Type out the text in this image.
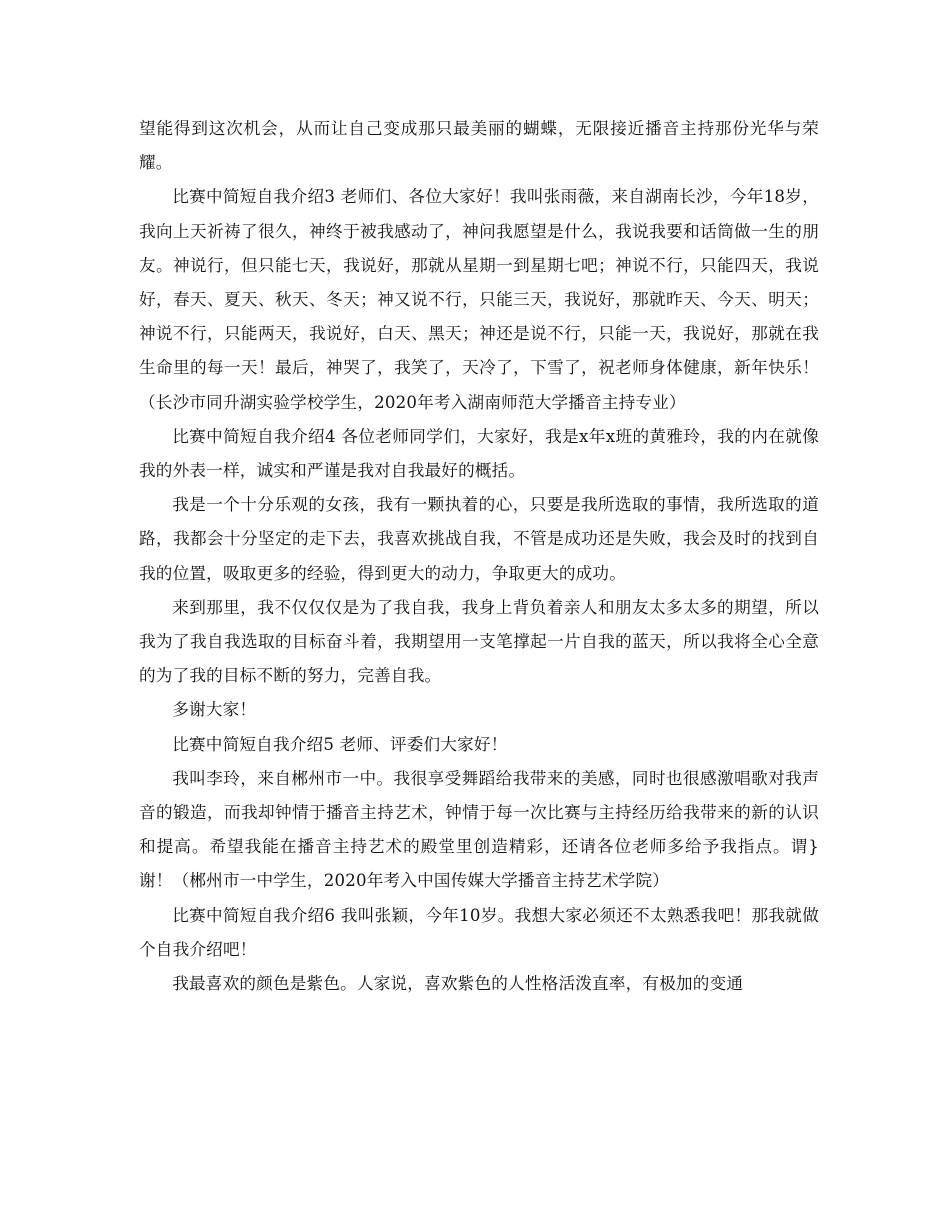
望能得到这次机会，从而让自己变成那只最美丽的蝴蝶，无限接近播音主持那份光华与荣耀。

比赛中简短自我介绍3 老师们、各位大家好！我叫张雨薇，来自湖南长沙，今年18岁，我向上天祈祷了很久，神终于被我感动了，神问我愿望是什么，我说我要和话筒做一生的朋友。神说行，但只能七天，我说好，那就从星期一到星期七吧；神说不行，只能四天，我说好，春天、夏天、秋天、冬天；神又说不行，只能三天，我说好，那就昨天、今天、明天；神说不行，只能两天，我说好，白天、黑天；神还是说不行，只能一天，我说好，那就在我生命里的每一天！最后，神哭了，我笑了，天冷了，下雪了，祝老师身体健康，新年快乐！（长沙市同升湖实验学校学生，2020年考入湖南师范大学播音主持专业）

比赛中简短自我介绍4 各位老师同学们，大家好，我是x年x班的黄雅玲，我的内在就像我的外表一样，诚实和严谨是我对自我最好的概括。

我是一个十分乐观的女孩，我有一颗执着的心，只要是我所选取的事情，我所选取的道路，我都会十分坚定的走下去，我喜欢挑战自我，不管是成功还是失败，我会及时的找到自我的位置，吸取更多的经验，得到更大的动力，争取更大的成功。

来到那里，我不仅仅仅是为了我自我，我身上背负着亲人和朋友太多太多的期望，所以我为了我自我选取的目标奋斗着，我期望用一支笔撑起一片自我的蓝天，所以我将全心全意的为了我的目标不断的努力，完善自我。

多谢大家！

比赛中简短自我介绍5 老师、评委们大家好！

我叫李玲，来自郴州市一中。我很享受舞蹈给我带来的美感，同时也很感激唱歌对我声音的锻造，而我却钟情于播音主持艺术，钟情于每一次比赛与主持经历给我带来的新的认识和提高。希望我能在播音主持艺术的殿堂里创造精彩，还请各位老师多给予我指点。谓}谢！（郴州市一中学生，2020年考入中国传媒大学播音主持艺术学院）

比赛中简短自我介绍6 我叫张颖，今年10岁。我想大家必须还不太熟悉我吧！那我就做个自我介绍吧！

我最喜欢的颜色是紫色。人家说，喜欢紫色的人性格活泼直率，有极加的变通
